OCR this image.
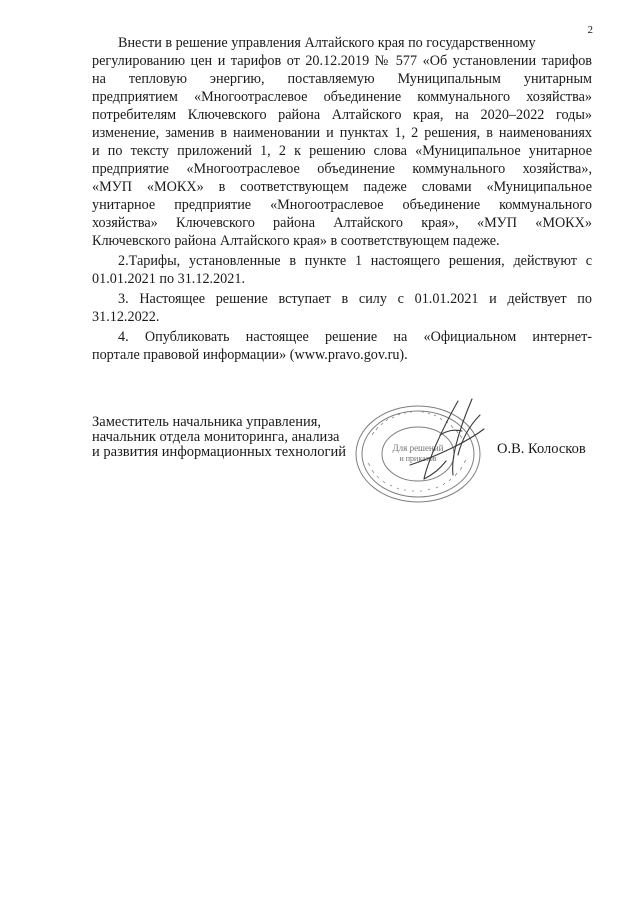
2
Внести в решение управления Алтайского края по государственному
регулированию цен и тарифов от 20.12.2019 № 577 «Об установлении тарифов
на тепловую энергию, поставляемую Муниципальным унитарным
предприятием «Многоотраслевое объединение коммунального хозяйства»
потребителям Ключевского района Алтайского края, на 2020–2022 годы»
изменение, заменив в наименовании и пунктах 1, 2 решения, в наименованиях
и по тексту приложений 1, 2 к решению слова «Муниципальное унитарное
предприятие «Многоотраслевое объединение коммунального хозяйства»,
«МУП «МОКХ» в соответствующем падеже словами «Муниципальное
унитарное предприятие «Многоотраслевое объединение коммунального
хозяйства» Ключевского района Алтайского края», «МУП «МОКХ»
Ключевского района Алтайского края» в соответствующем падеже.
2.Тарифы, установленные в пункте 1 настоящего решения, действуют с
01.01.2021 по 31.12.2021.
3. Настоящее решение вступает в силу с 01.01.2021 и действует по
31.12.2022.
4. Опубликовать настоящее решение на «Официальном интернет-
портале правовой информации» (www.pravo.gov.ru).
Заместитель начальника управления,
начальник отдела мониторинга, анализа
и развития информационных технологий	Для решений
и приказов
О.В. Колосков
